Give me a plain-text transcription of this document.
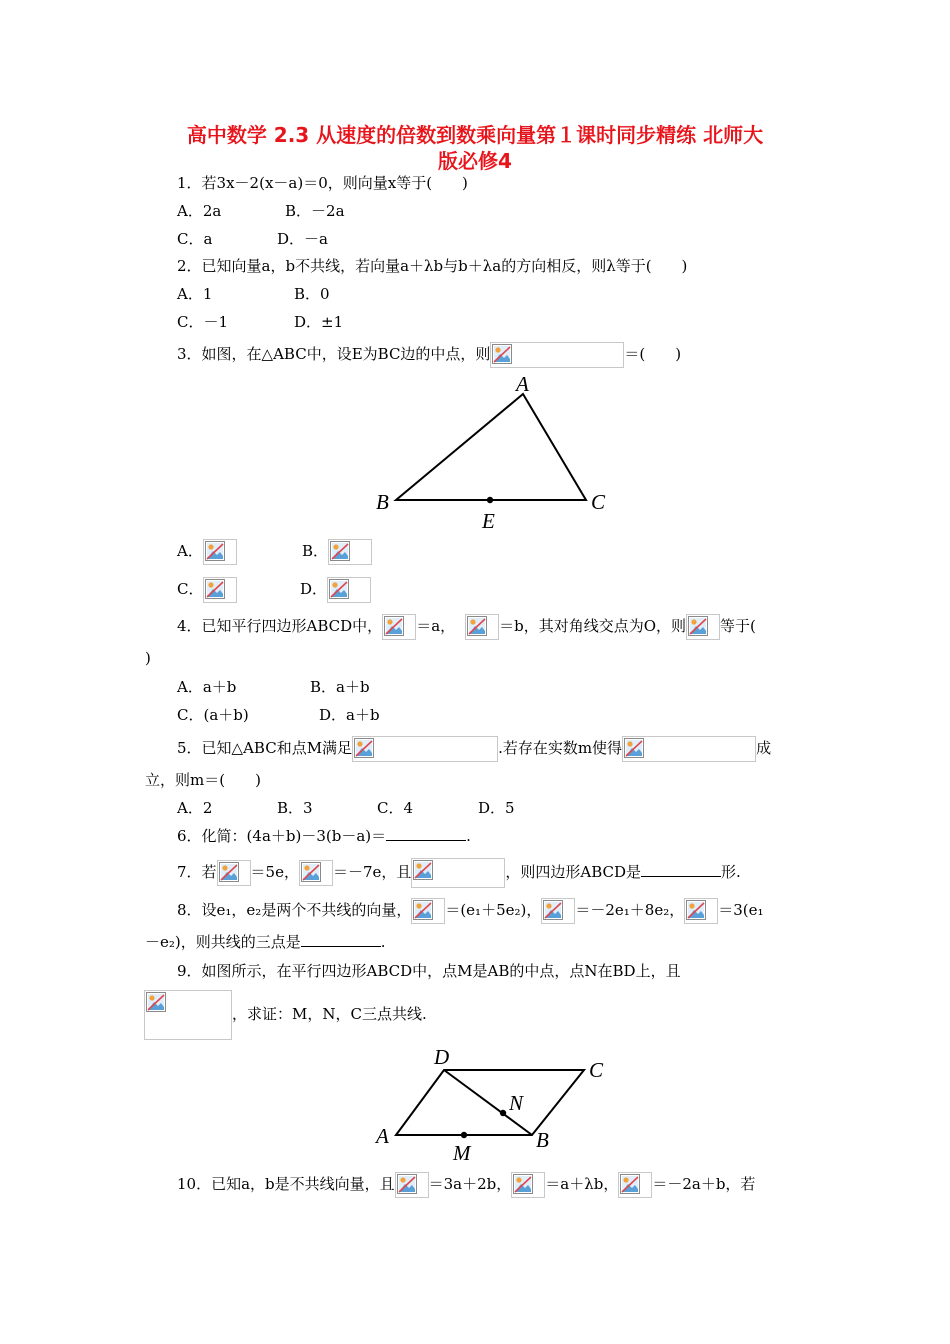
高中数学 2.3 从速度的倍数到数乘向量第１课时同步精练 北师大
版必修4
1．若3x－2(x－a)＝0，则向量x等于(　　)
A．2a	B．－2a
C．a	D．－a
2．已知向量a，b不共线，若向量a＋λb与b＋λa的方向相反，则λ等于(　　)
A．1	B．0
C．－1	D．±1
3．如图，在△ABC中，设E为BC边的中点，则	＝(　　)
A
B	C
E
A．	B．
C．	D．
4．已知平行四边形ABCD中， ＝a，	＝b，其对角线交点为O，则 等于(
)
A．a＋b	B．a＋b
C．(a＋b)	D．a＋b
5．已知△ABC和点M满足	.若存在实数m使得	成
立，则m＝(　　)
A．2	B．3	C．4	D．5
6．化简：(4a＋b)－3(b－a)＝	.
7．若 ＝5e， ＝－7e，且	，则四边形ABCD是	形.
8．设e₁，e₂是两个不共线的向量， ＝(e₁＋5e₂)， ＝－2e₁＋8e₂， ＝3(e₁
－e₂)，则共线的三点是	.
9．如图所示，在平行四边形ABCD中，点M是AB的中点，点N在BD上，且
，求证：M，N，C三点共线.
A	B
C
D
M
N
10．已知a，b是不共线向量，且 ＝3a＋2b， ＝a＋λb， ＝－2a＋b，若
